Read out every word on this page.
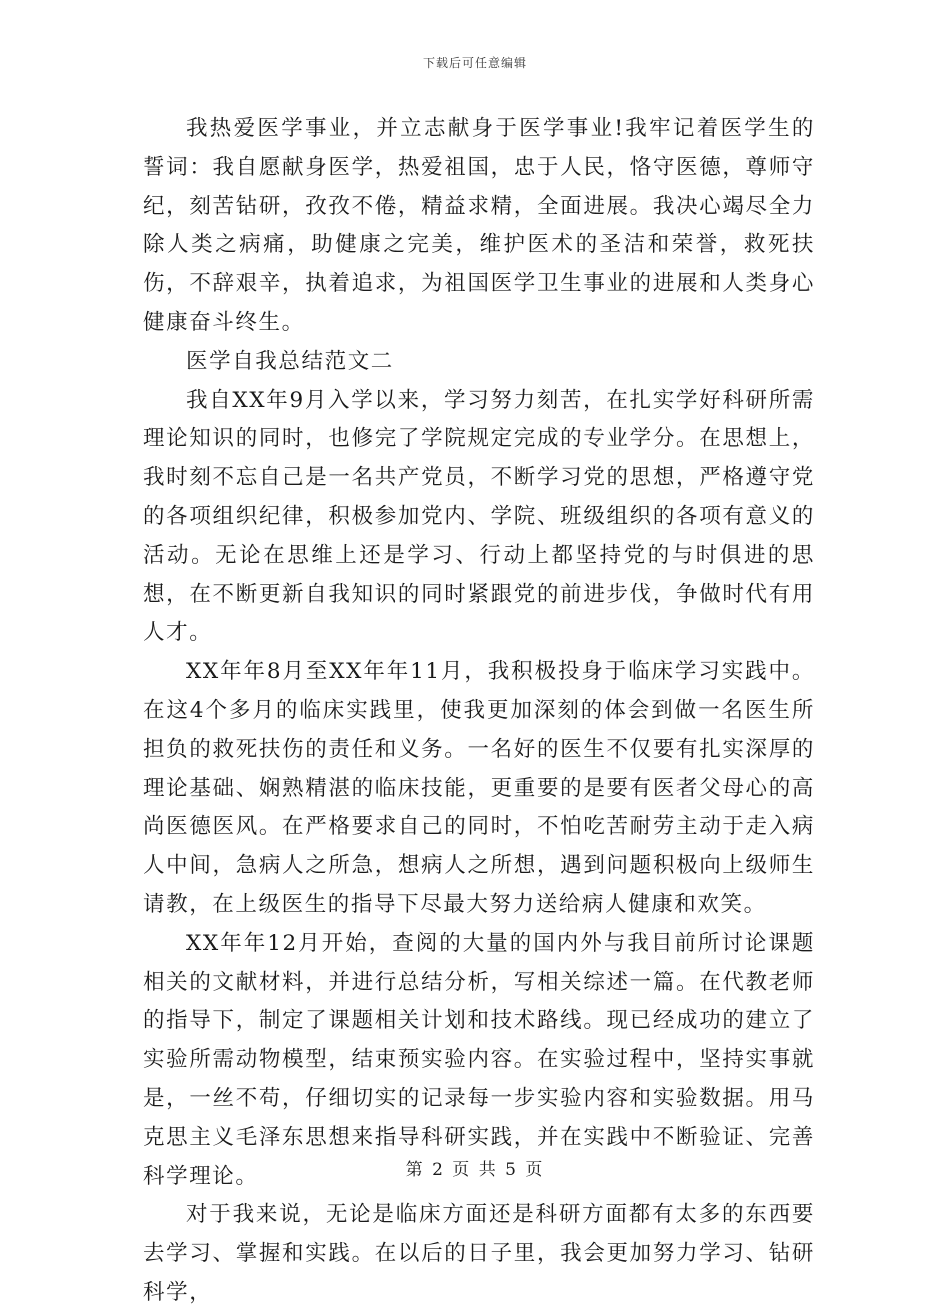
下载后可任意编辑

我热爱医学事业，并立志献身于医学事业!我牢记着医学生的誓词：我自愿献身医学，热爱祖国，忠于人民，恪守医德，尊师守纪，刻苦钻研，孜孜不倦，精益求精，全面进展。我决心竭尽全力除人类之病痛，助健康之完美，维护医术的圣洁和荣誉，救死扶伤，不辞艰辛，执着追求，为祖国医学卫生事业的进展和人类身心健康奋斗终生。

医学自我总结范文二

我自XX年9月入学以来，学习努力刻苦，在扎实学好科研所需理论知识的同时，也修完了学院规定完成的专业学分。在思想上，我时刻不忘自己是一名共产党员，不断学习党的思想，严格遵守党的各项组织纪律，积极参加党内、学院、班级组织的各项有意义的活动。无论在思维上还是学习、行动上都坚持党的与时俱进的思想，在不断更新自我知识的同时紧跟党的前进步伐，争做时代有用人才。

XX年年8月至XX年年11月，我积极投身于临床学习实践中。在这4个多月的临床实践里，使我更加深刻的体会到做一名医生所担负的救死扶伤的责任和义务。一名好的医生不仅要有扎实深厚的理论基础、娴熟精湛的临床技能，更重要的是要有医者父母心的高尚医德医风。在严格要求自己的同时，不怕吃苦耐劳主动于走入病人中间，急病人之所急，想病人之所想，遇到问题积极向上级师生请教，在上级医生的指导下尽最大努力送给病人健康和欢笑。

XX年年12月开始，查阅的大量的国内外与我目前所讨论课题相关的文献材料，并进行总结分析，写相关综述一篇。在代教老师的指导下，制定了课题相关计划和技术路线。现已经成功的建立了实验所需动物模型，结束预实验内容。在实验过程中，坚持实事就是，一丝不苟，仔细切实的记录每一步实验内容和实验数据。用马克思主义毛泽东思想来指导科研实践，并在实践中不断验证、完善科学理论。

对于我来说，无论是临床方面还是科研方面都有太多的东西要去学习、掌握和实践。在以后的日子里，我会更加努力学习、钻研科学，

第 2 页 共 5 页
